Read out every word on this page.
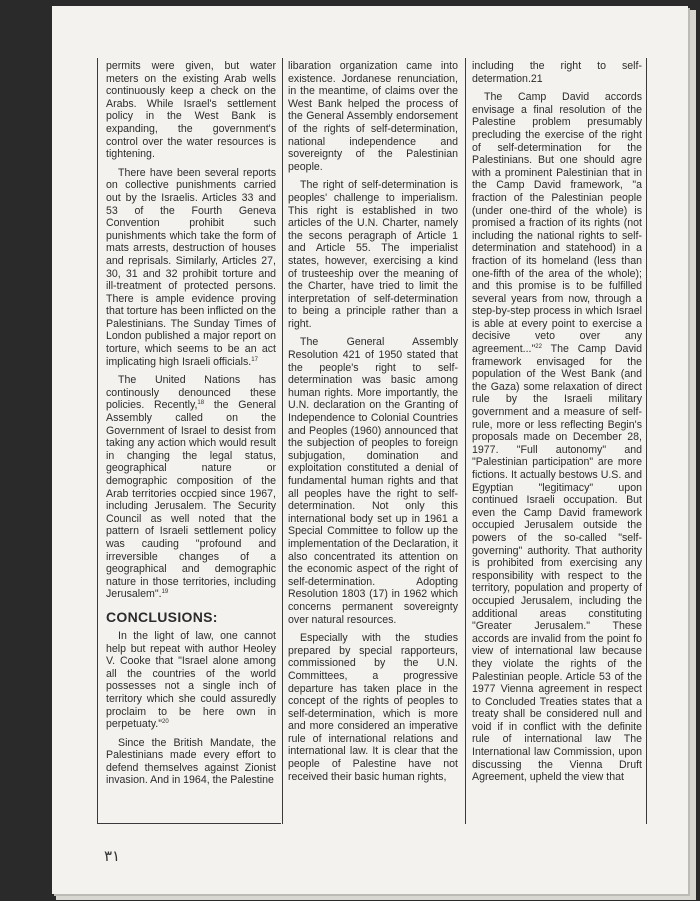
permits were given, but water meters on the existing Arab wells continuously keep a check on the Arabs. While Israel's settlement policy in the West Bank is expanding, the government's control over the water resources is tightening.

There have been several reports on collective punishments carried out by the Israelis. Articles 33 and 53 of the Fourth Geneva Convention prohibit such punishments which take the form of mats arrests, destruction of houses and reprisals. Similarly, Articles 27, 30, 31 and 32 prohibit torture and ill-treatment of protected persons. There is ample evidence proving that torture has been inflicted on the Palestinians. The Sunday Times of London published a major report on torture, which seems to be an act implicating high Israeli officials.$^{17}$

The United Nations has continously denounced these policies. Recently,$^{18}$ the General Assembly called on the Government of Israel to desist from taking any action which would result in changing the legal status, geographical nature or demographic composition of the Arab territories occpied since 1967, including Jerusalem. The Security Council as well noted that the pattern of Israeli settlement policy was cauding "profound and irreversible changes of a geographical and demographic nature in those territories, including Jerusalem".$^{19}$

CONCLUSIONS:

In the light of law, one cannot help but repeat with author Heoley V. Cooke that "Israel alone among all the countries of the world possesses not a single inch of territory which she could assuredly proclaim to be here own in perpetuaty."$^{20}$

Since the British Mandate, the Palestinians made every effort to defend themselves against Zionist invasion. And in 1964, the Palestine

libaration organization came into existence. Jordanese renunciation, in the meantime, of claims over the West Bank helped the process of the General Assembly endorsement of the rights of self-determination, national independence and sovereignty of the Palestinian people.

The right of self-determination is peoples' challenge to imperialism. This right is established in two articles of the U.N. Charter, namely the secons peragraph of Article 1 and Article 55. The imperialist states, however, exercising a kind of trusteeship over the meaning of the Charter, have tried to limit the interpretation of self-determination to being a principle rather than a right.

The General Assembly Resolution 421 of 1950 stated that the people's right to self-determination was basic among human rights. More importantly, the U.N. declaration on the Granting of Independence to Colonial Countries and Peoples (1960) announced that the subjection of peoples to foreign subjugation, domination and exploitation constituted a denial of fundamental human rights and that all peoples have the right to self- determination. Not only this international body set up in 1961 a Special Committee to follow up the implementation of the Declaration, it also concentrated its attention on the economic aspect of the right of self-determination. Adopting Resolution 1803 (17) in 1962 which concerns permanent sovereignty over natural resources.

Especially with the studies prepared by special rapporteurs, commissioned by the U.N. Committees, a progressive departure has taken place in the concept of the rights of peoples to self-determination, which is more and more considered an imperative rule of international relations and international law. It is clear that the people of Palestine have not received their basic human rights,

including the right to self-determation.21

The Camp David accords envisage a final resolution of the Palestine problem presumably precluding the exercise of the right of self-determination for the Palestinians. But one should agre with a prominent Palestinian that in the Camp David framework, "a fraction of the Palestinian people (under one-third of the whole) is promised a fraction of its rights (not including the national rights to self-determination and statehood) in a fraction of its homeland (less than one-fifth of the area of the whole); and this promise is to be fulfilled several years from now, through a step-by-step process in which Israel is able at every point to exercise a decisive veto over any agreement..."$^{22}$ The Camp David framework envisaged for the population of the West Bank (and the Gaza) some relaxation of direct rule by the Israeli military government and a measure of self-rule, more or less reflecting Begin's proposals made on December 28, 1977. "Full autonomy" and "Palestinian participation" are more fictions. It actually bestows U.S. and Egyptian "legitimacy" upon continued Israeli occupation. But even the Camp David framework occupied Jerusalem outside the powers of the so-called "self-governing" authority. That authority is prohibited from exercising any responsibility with respect to the territory, population and property of occupied Jerusalem, including the additional areas constituting "Greater Jerusalem." These accords are invalid from the point fo view of international law because they violate the rights of the Palestinian people. Article 53 of the 1977 Vienna agreement in respect to Concluded Treaties states that a treaty shall be considered null and void if in conflict with the definite rule of international law The International law Commission, upon discussing the Vienna Druft Agreement, upheld the view that

٣١
